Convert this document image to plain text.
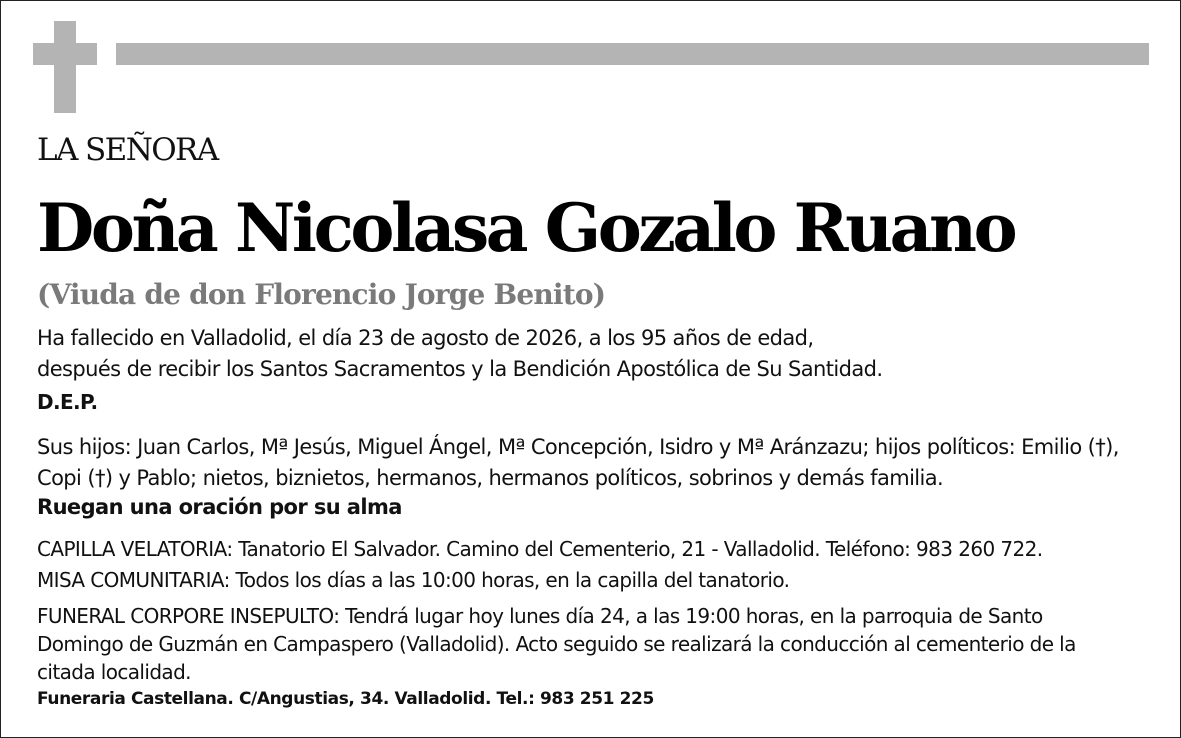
LA SEÑORA
Doña Nicolasa Gozalo Ruano
(Viuda de don Florencio Jorge Benito)
Ha fallecido en Valladolid, el día 23 de agosto de 2026, a los 95 años de edad,
después de recibir los Santos Sacramentos y la Bendición Apostólica de Su Santidad.
D.E.P.
Sus hijos: Juan Carlos, Mª Jesús, Miguel Ángel, Mª Concepción, Isidro y Mª Aránzazu; hijos políticos: Emilio (†),
Copi (†) y Pablo; nietos, biznietos, hermanos, hermanos políticos, sobrinos y demás familia.
Ruegan una oración por su alma
CAPILLA VELATORIA: Tanatorio El Salvador. Camino del Cementerio, 21 - Valladolid. Teléfono: 983 260 722.
MISA COMUNITARIA: Todos los días a las 10:00 horas, en la capilla del tanatorio.
FUNERAL CORPORE INSEPULTO: Tendrá lugar hoy lunes día 24, a las 19:00 horas, en la parroquia de Santo
Domingo de Guzmán en Campaspero (Valladolid). Acto seguido se realizará la conducción al cementerio de la
citada localidad.
Funeraria Castellana. C/Angustias, 34. Valladolid. Tel.: 983 251 225
